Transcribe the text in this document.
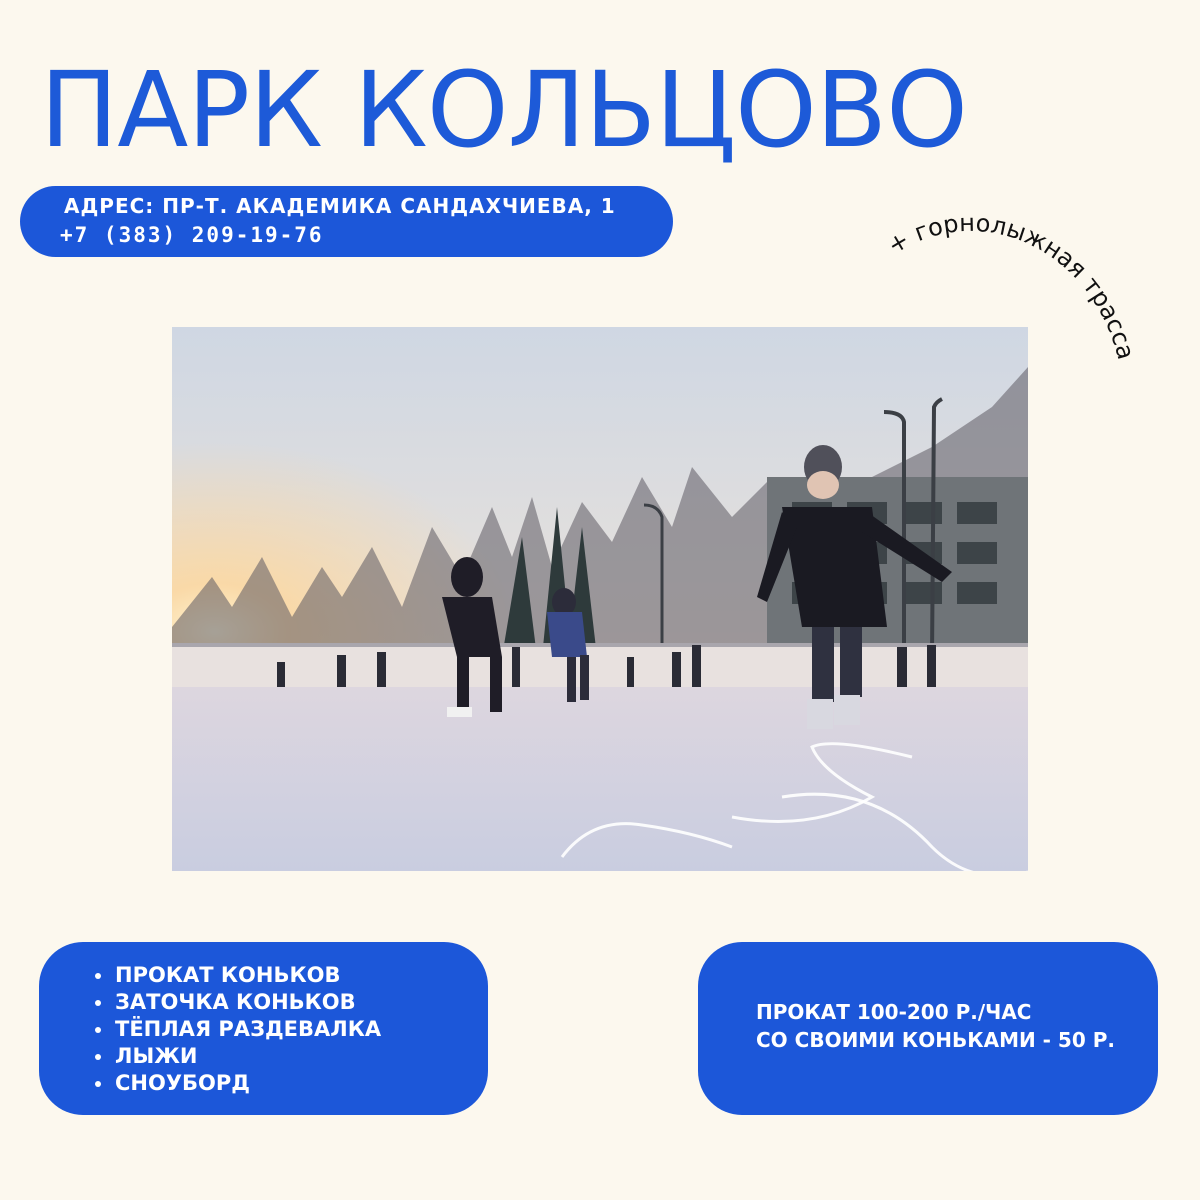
ПАРК КОЛЬЦОВО
АДРЕС: ПР-Т. АКАДЕМИКА САНДАХЧИЕВА, 1
+7 (383) 209-19-76	+ горнолыжная трасса
ПРОКАТ КОНЬКОВ
ЗАТОЧКА КОНЬКОВ
ТЁПЛАЯ РАЗДЕВАЛКА
ЛЫЖИ
СНОУБОРД
ПРОКАТ 100-200 Р./ЧАС
СО СВОИМИ КОНЬКАМИ - 50 Р.
